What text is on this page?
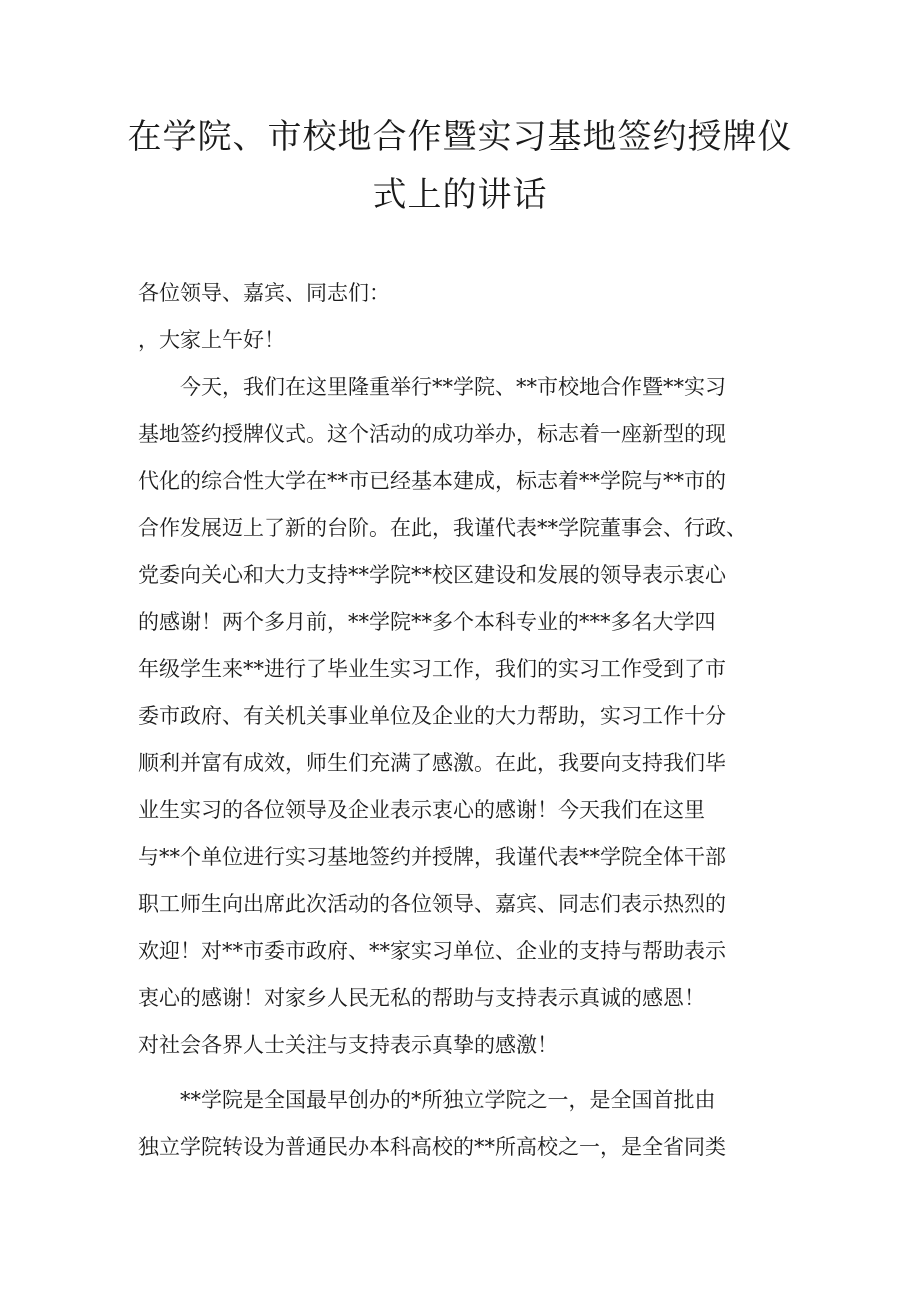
在学院、市校地合作暨实习基地签约授牌仪
式上的讲话

各位领导、嘉宾、同志们：

，大家上午好！

　　今天，我们在这里隆重举行**学院、**市校地合作暨**实习

基地签约授牌仪式。这个活动的成功举办，标志着一座新型的现

代化的综合性大学在**市已经基本建成，标志着**学院与**市的

合作发展迈上了新的台阶。在此，我谨代表**学院董事会、行政、

党委向关心和大力支持**学院**校区建设和发展的领导表示衷心

的感谢！两个多月前，**学院**多个本科专业的***多名大学四

年级学生来**进行了毕业生实习工作，我们的实习工作受到了市

委市政府、有关机关事业单位及企业的大力帮助，实习工作十分

顺利并富有成效，师生们充满了感激。在此，我要向支持我们毕

业生实习的各位领导及企业表示衷心的感谢！今天我们在这里

与**个单位进行实习基地签约并授牌，我谨代表**学院全体干部

职工师生向出席此次活动的各位领导、嘉宾、同志们表示热烈的

欢迎！对**市委市政府、**家实习单位、企业的支持与帮助表示

衷心的感谢！对家乡人民无私的帮助与支持表示真诚的感恩！

对社会各界人士关注与支持表示真挚的感激！

　　**学院是全国最早创办的*所独立学院之一，是全国首批由

独立学院转设为普通民办本科高校的**所高校之一，是全省同类
